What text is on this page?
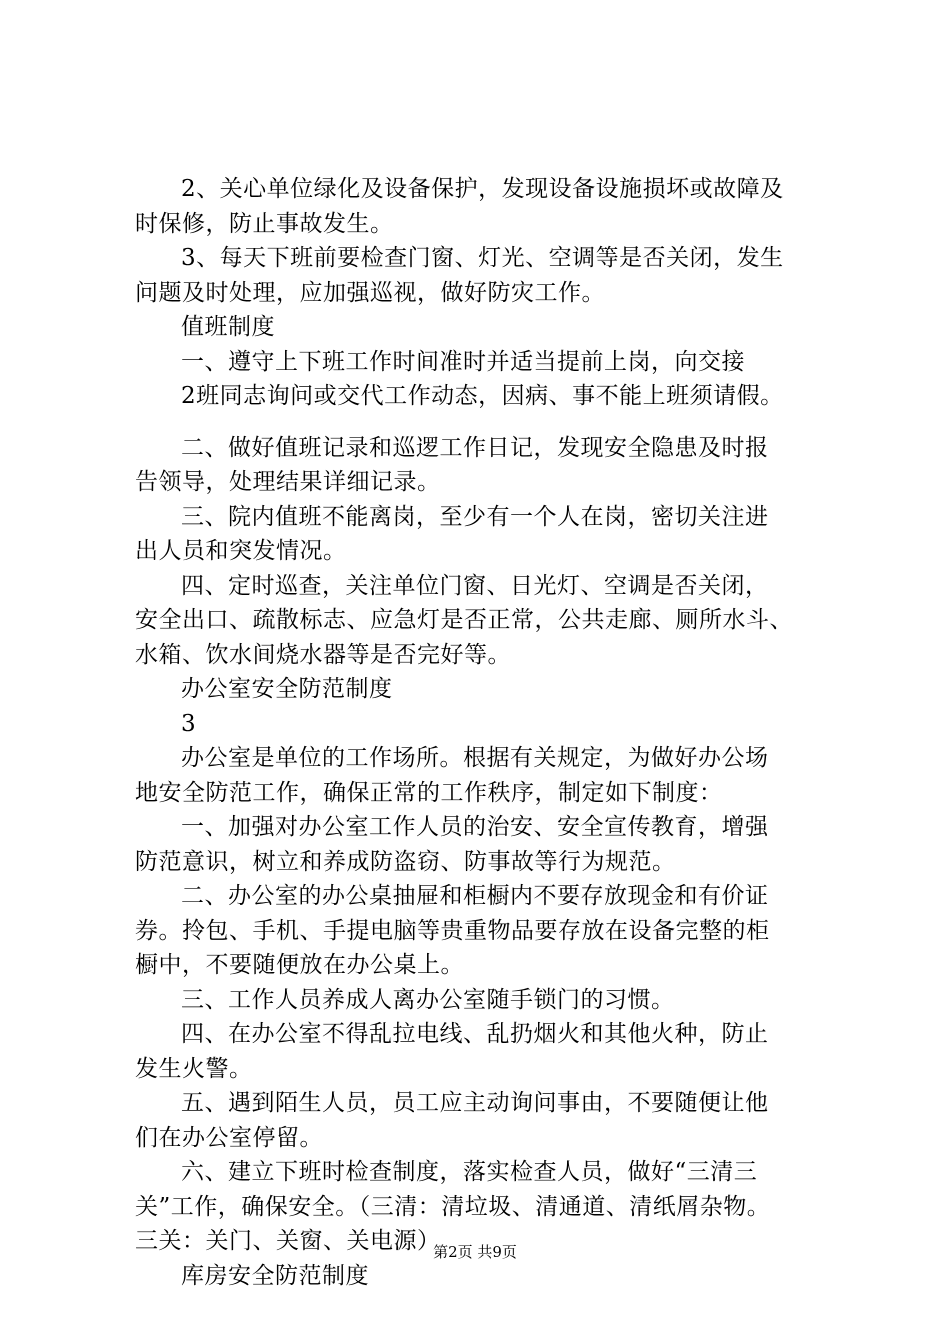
2、关心单位绿化及设备保护，发现设备设施损坏或故障及
时保修，防止事故发生。
3、每天下班前要检查门窗、灯光、空调等是否关闭，发生
问题及时处理，应加强巡视，做好防灾工作。
值班制度
一、遵守上下班工作时间准时并适当提前上岗，向交接
2班同志询问或交代工作动态，因病、事不能上班须请假。
二、做好值班记录和巡逻工作日记，发现安全隐患及时报
告领导，处理结果详细记录。
三、院内值班不能离岗，至少有一个人在岗，密切关注进
出人员和突发情况。
四、定时巡查，关注单位门窗、日光灯、空调是否关闭，
安全出口、疏散标志、应急灯是否正常，公共走廊、厕所水斗、
水箱、饮水间烧水器等是否完好等。
办公室安全防范制度
3
办公室是单位的工作场所。根据有关规定，为做好办公场
地安全防范工作，确保正常的工作秩序，制定如下制度：
一、加强对办公室工作人员的治安、安全宣传教育，增强
防范意识，树立和养成防盗窃、防事故等行为规范。
二、办公室的办公桌抽屉和柜橱内不要存放现金和有价证
券。拎包、手机、手提电脑等贵重物品要存放在设备完整的柜
橱中，不要随便放在办公桌上。
三、工作人员养成人离办公室随手锁门的习惯。
四、在办公室不得乱拉电线、乱扔烟火和其他火种，防止
发生火警。
五、遇到陌生人员，员工应主动询问事由，不要随便让他
们在办公室停留。
六、建立下班时检查制度，落实检查人员，做好“三清三
关”工作，确保安全。（三清：清垃圾、清通道、清纸屑杂物。
三关：关门、关窗、关电源）
库房安全防范制度
第2页 共9页
